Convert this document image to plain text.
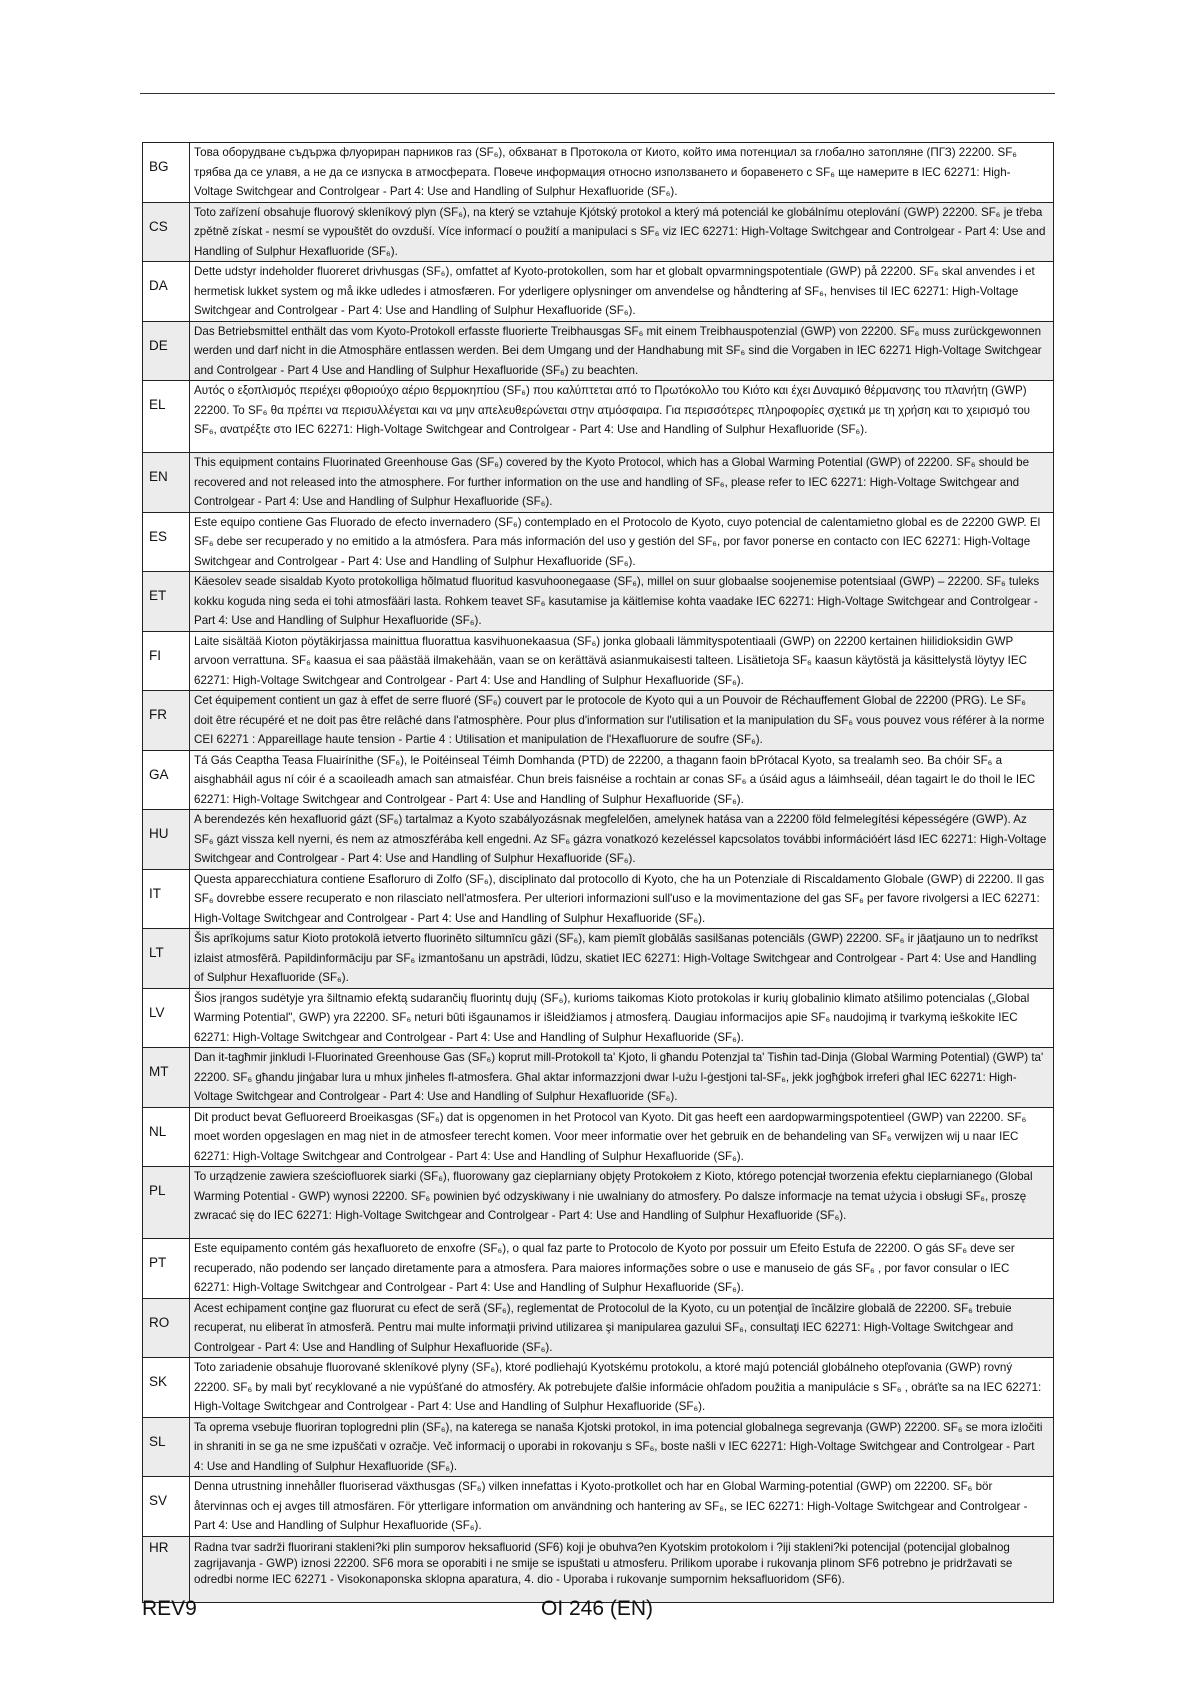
BG	Това оборудване съдържа флуориран парников газ (SF₆), обхванат в Протокола от Киото, който има потенциал за глобално затопляне (ПГЗ) 22200. SF₆ трябва да се улавя, а не да се изпуска в атмосферата. Повече информация относно използването и боравенето с SF₆ ще намерите в IEC 62271: High-Voltage Switchgear and Controlgear - Part 4: Use and Handling of Sulphur Hexafluoride (SF₆).

CS	Toto zařízení obsahuje fluorový skleníkový plyn (SF₆), na který se vztahuje Kjótský protokol a který má potenciál ke globálnímu oteplování (GWP) 22200. SF₆ je třeba zpětně získat - nesmí se vypouštět do ovzduší. Více informací o použití a manipulaci s SF₆ viz IEC 62271: High-Voltage Switchgear and Controlgear - Part 4: Use and Handling of Sulphur Hexafluoride (SF₆).

DA	Dette udstyr indeholder fluoreret drivhusgas (SF₆), omfattet af Kyoto-protokollen, som har et globalt opvarmningspotentiale (GWP) på 22200. SF₆ skal anvendes i et hermetisk lukket system og må ikke udledes i atmosfæren. For yderligere oplysninger om anvendelse og håndtering af SF₆, henvises til IEC 62271: High-Voltage Switchgear and Controlgear - Part 4: Use and Handling of Sulphur Hexafluoride (SF₆).

DE	Das Betriebsmittel enthält das vom Kyoto-Protokoll erfasste fluorierte Treibhausgas SF₆ mit einem Treibhauspotenzial (GWP) von 22200. SF₆ muss zurückgewonnen werden und darf nicht in die Atmosphäre entlassen werden. Bei dem Umgang und der Handhabung mit SF₆ sind die Vorgaben in IEC 62271 High-Voltage Switchgear and Controlgear - Part 4 Use and Handling of Sulphur Hexafluoride (SF₆) zu beachten.

EL	Αυτός ο εξοπλισμός περιέχει φθοριούχο αέριο θερμοκηπίου (SF₆) που καλύπτεται από το Πρωτόκολλο του Κιότο και έχει Δυναμικό θέρμανσης του πλανήτη (GWP) 22200. Το SF₆ θα πρέπει να περισυλλέγεται και να μην απελευθερώνεται στην ατμόσφαιρα. Για περισσότερες πληροφορίες σχετικά με τη χρήση και το χειρισμό του SF₆, ανατρέξτε στο IEC 62271: High-Voltage Switchgear and Controlgear - Part 4: Use and Handling of Sulphur Hexafluoride (SF₆).

EN	This equipment contains Fluorinated Greenhouse Gas (SF₆) covered by the Kyoto Protocol, which has a Global Warming Potential (GWP) of 22200. SF₆ should be recovered and not released into the atmosphere. For further information on the use and handling of SF₆, please refer to IEC 62271: High-Voltage Switchgear and Controlgear - Part 4: Use and Handling of Sulphur Hexafluoride (SF₆).

ES	Este equipo contiene Gas Fluorado de efecto invernadero (SF₆) contemplado en el Protocolo de Kyoto, cuyo potencial de calentamietno global es de 22200 GWP. El SF₆ debe ser recuperado y no emitido a la atmósfera. Para más información del uso y gestión del SF₆, por favor ponerse en contacto con IEC 62271: High-Voltage Switchgear and Controlgear - Part 4: Use and Handling of Sulphur Hexafluoride (SF₆).

ET	Käesolev seade sisaldab Kyoto protokolliga hõlmatud fluoritud kasvuhoonegaase (SF₆), millel on suur globaalse soojenemise potentsiaal (GWP) – 22200. SF₆ tuleks kokku koguda ning seda ei tohi atmosfääri lasta. Rohkem teavet SF₆ kasutamise ja käitlemise kohta vaadake IEC 62271: High-Voltage Switchgear and Controlgear - Part 4: Use and Handling of Sulphur Hexafluoride (SF₆).

FI	Laite sisältää Kioton pöytäkirjassa mainittua fluorattua kasvihuonekaasua (SF₆) jonka globaali lämmityspotentiaali (GWP) on 22200 kertainen hiilidioksidin GWP arvoon verrattuna. SF₆ kaasua ei saa päästää ilmakehään, vaan se on kerättävä asianmukaisesti talteen. Lisätietoja SF₆ kaasun käytöstä ja käsittelystä löytyy IEC 62271: High-Voltage Switchgear and Controlgear - Part 4: Use and Handling of Sulphur Hexafluoride (SF₆).

FR	Cet équipement contient un gaz à effet de serre fluoré (SF₆) couvert par le protocole de Kyoto qui a un Pouvoir de Réchauffement Global de 22200 (PRG). Le SF₆ doit être récupéré et ne doit pas être relâché dans l'atmosphère. Pour plus d'information sur l'utilisation et la manipulation du SF₆ vous pouvez vous référer à la norme CEI 62271 : Appareillage haute tension - Partie 4 : Utilisation et manipulation de l'Hexafluorure de soufre (SF₆).

GA	Tá Gás Ceaptha Teasa Fluairínithe (SF₆), le Poitéinseal Téimh Domhanda (PTD) de 22200, a thagann faoin bPrótacal Kyoto, sa trealamh seo. Ba chóir SF₆ a aisghabháil agus ní cóir é a scaoileadh amach san atmaisféar. Chun breis faisnéise a rochtain ar conas SF₆ a úsáid agus a láimhseáil, déan tagairt le do thoil le IEC 62271: High-Voltage Switchgear and Controlgear - Part 4: Use and Handling of Sulphur Hexafluoride (SF₆).

HU	A berendezés kén hexafluorid gázt (SF₆) tartalmaz a Kyoto szabályozásnak megfelelően, amelynek hatása van a 22200 föld felmelegítési képességére (GWP). Az SF₆ gázt vissza kell nyerni, és nem az atmoszférába kell engedni. Az SF₆ gázra vonatkozó kezeléssel kapcsolatos további információért lásd IEC 62271: High-Voltage Switchgear and Controlgear - Part 4: Use and Handling of Sulphur Hexafluoride (SF₆).

IT	Questa apparecchiatura contiene Esafloruro di Zolfo (SF₆), disciplinato dal protocollo di Kyoto, che ha un Potenziale di Riscaldamento Globale (GWP) di 22200. Il gas SF₆ dovrebbe essere recuperato e non rilasciato nell'atmosfera. Per ulteriori informazioni sull'uso e la movimentazione del gas SF₆ per favore rivolgersi a IEC 62271: High-Voltage Switchgear and Controlgear - Part 4: Use and Handling of Sulphur Hexafluoride (SF₆).

LT	Šis aprīkojums satur Kioto protokolā ietverto fluorinēto siltumnīcu gāzi (SF₆), kam piemīt globālās sasilšanas potenciāls (GWP) 22200. SF₆ ir jāatjauno un to nedrīkst izlaist atmosfērā. Papildinformāciju par SF₆ izmantošanu un apstrādi, lūdzu, skatiet IEC 62271: High-Voltage Switchgear and Controlgear - Part 4: Use and Handling of Sulphur Hexafluoride (SF₆).

LV	Šios įrangos sudėtyje yra šiltnamio efektą sudarančių fluorintų dujų (SF₆), kurioms taikomas Kioto protokolas ir kurių globalinio klimato atšilimo potencialas („Global Warming Potential", GWP) yra 22200. SF₆ neturi būti išgaunamos ir išleidžiamos į atmosferą. Daugiau informacijos apie SF₆ naudojimą ir tvarkymą ieškokite IEC 62271: High-Voltage Switchgear and Controlgear - Part 4: Use and Handling of Sulphur Hexafluoride (SF₆).

MT	Dan it-tagħmir jinkludi l-Fluorinated Greenhouse Gas (SF₆) koprut mill-Protokoll ta' Kjoto, li għandu Potenzjal ta' Tisħin tad-Dinja (Global Warming Potential) (GWP) ta' 22200. SF₆ għandu jinġabar lura u mhux jinħeles fl-atmosfera. Għal aktar informazzjoni dwar l-użu l-ġestjoni tal-SF₆, jekk jogħġbok irreferi għal IEC 62271: High-Voltage Switchgear and Controlgear - Part 4: Use and Handling of Sulphur Hexafluoride (SF₆).

NL	Dit product bevat Gefluoreerd Broeikasgas (SF₆) dat is opgenomen in het Protocol van Kyoto. Dit gas heeft een aardopwarmingspotentieel (GWP) van 22200. SF₆ moet worden opgeslagen en mag niet in de atmosfeer terecht komen. Voor meer informatie over het gebruik en de behandeling van SF₆ verwijzen wij u naar IEC 62271: High-Voltage Switchgear and Controlgear - Part 4: Use and Handling of Sulphur Hexafluoride (SF₆).

PL	To urządzenie zawiera sześciofluorek siarki (SF₆), fluorowany gaz cieplarniany objęty Protokołem z Kioto, którego potencjał tworzenia efektu cieplarnianego (Global Warming Potential - GWP) wynosi 22200. SF₆ powinien być odzyskiwany i nie uwalniany do atmosfery. Po dalsze informacje na temat użycia i obsługi SF₆, proszę zwracać się do IEC 62271: High-Voltage Switchgear and Controlgear - Part 4: Use and Handling of Sulphur Hexafluoride (SF₆).

PT	Este equipamento contém gás hexafluoreto de enxofre (SF₆), o qual faz parte to Protocolo de Kyoto por possuir um Efeito Estufa de 22200. O gás SF₆ deve ser recuperado, não podendo ser lançado diretamente para a atmosfera. Para maiores informações sobre o use e manuseio de gás SF₆ , por favor consular o IEC 62271: High-Voltage Switchgear and Controlgear - Part 4: Use and Handling of Sulphur Hexafluoride (SF₆).

RO	Acest echipament conţine gaz fluorurat cu efect de seră (SF₆), reglementat de Protocolul de la Kyoto, cu un potenţial de încălzire globală de 22200. SF₆ trebuie recuperat, nu eliberat în atmosferă. Pentru mai multe informaţii privind utilizarea şi manipularea gazului SF₆, consultaţi IEC 62271: High-Voltage Switchgear and Controlgear - Part 4: Use and Handling of Sulphur Hexafluoride (SF₆).

SK	Toto zariadenie obsahuje fluorované skleníkové plyny (SF₆), ktoré podliehajú Kyotskému protokolu, a ktoré majú potenciál globálneho otepľovania (GWP) rovný 22200. SF₆ by mali byť recyklované a nie vypúšťané do atmosféry. Ak potrebujete ďalšie informácie ohľadom použitia a manipulácie s SF₆ , obráťte sa na IEC 62271: High-Voltage Switchgear and Controlgear - Part 4: Use and Handling of Sulphur Hexafluoride (SF₆).

SL	Ta oprema vsebuje fluoriran toplogredni plin (SF₆), na katerega se nanaša Kjotski protokol, in ima potencial globalnega segrevanja (GWP) 22200. SF₆ se mora izločiti in shraniti in se ga ne sme izpuščati v ozračje. Več informacij o uporabi in rokovanju s SF₆, boste našli v IEC 62271: High-Voltage Switchgear and Controlgear - Part 4: Use and Handling of Sulphur Hexafluoride (SF₆).

SV	Denna utrustning innehåller fluoriserad växthusgas (SF₆) vilken innefattas i Kyoto-protkollet och har en Global Warming-potential (GWP) om 22200. SF₆ bör återvinnas och ej avges till atmosfären. För ytterligare information om användning och hantering av SF₆, se IEC 62271: High-Voltage Switchgear and Controlgear - Part 4: Use and Handling of Sulphur Hexafluoride (SF₆).

HR	Radna tvar sadrži fluorirani stakleni?ki plin sumporov heksafluorid (SF6) koji je obuhva?en Kyotskim protokolom i ?iji stakleni?ki potencijal (potencijal globalnog zagrijavanja - GWP) iznosi 22200. SF6 mora se oporabiti i ne smije se ispuštati u atmosferu. Prilikom uporabe i rukovanja plinom SF6 potrebno je pridržavati se odredbi norme IEC 62271 - Visokonaponska sklopna aparatura, 4. dio - Uporaba i rukovanje sumpornim heksafluoridom (SF6).
REV9	OI 246 (EN)
